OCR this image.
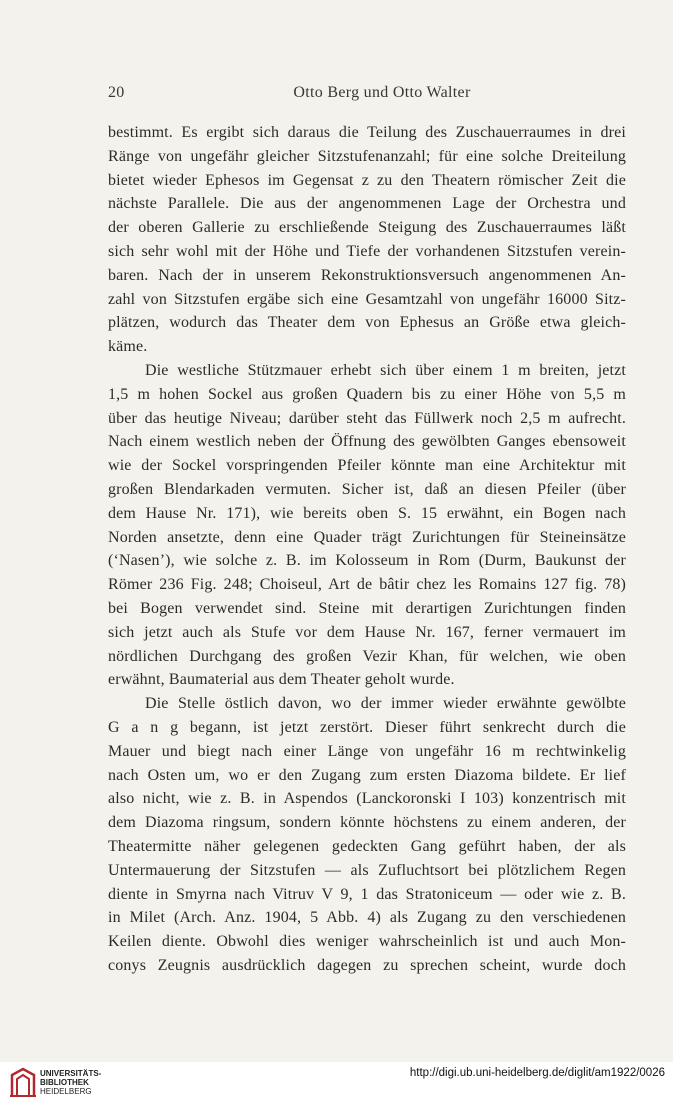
20	Otto Berg und Otto Walter
bestimmt. Es ergibt sich daraus die Teilung des Zuschauerraumes in drei
Ränge von ungefähr gleicher Sitzstufenanzahl; für eine solche Dreiteilung
bietet wieder Ephesos im Gegensat z zu den Theatern römischer Zeit die
nächste Parallele. Die aus der angenommenen Lage der Orchestra und
der oberen Gallerie zu erschließende Steigung des Zuschauerraumes läßt
sich sehr wohl mit der Höhe und Tiefe der vorhandenen Sitzstufen verein-
baren. Nach der in unserem Rekonstruktionsversuch angenommenen An-
zahl von Sitzstufen ergäbe sich eine Gesamtzahl von ungefähr 16000 Sitz-
plätzen, wodurch das Theater dem von Ephesus an Größe etwa gleich-
käme.
Die westliche Stützmauer erhebt sich über einem 1 m breiten, jetzt
1,5 m hohen Sockel aus großen Quadern bis zu einer Höhe von 5,5 m
über das heutige Niveau; darüber steht das Füllwerk noch 2,5 m aufrecht.
Nach einem westlich neben der Öffnung des gewölbten Ganges ebensoweit
wie der Sockel vorspringenden Pfeiler könnte man eine Architektur mit
großen Blendarkaden vermuten. Sicher ist, daß an diesen Pfeiler (über
dem Hause Nr. 171), wie bereits oben S. 15 erwähnt, ein Bogen nach
Norden ansetzte, denn eine Quader trägt Zurichtungen für Steineinsätze
(‘Nasen’), wie solche z. B. im Kolosseum in Rom (Durm, Baukunst der
Römer 236 Fig. 248; Choiseul, Art de bâtir chez les Romains 127 fig. 78)
bei Bogen verwendet sind. Steine mit derartigen Zurichtungen finden
sich jetzt auch als Stufe vor dem Hause Nr. 167, ferner vermauert im
nördlichen Durchgang des großen Vezir Khan, für welchen, wie oben
erwähnt, Baumaterial aus dem Theater geholt wurde.
Die Stelle östlich davon, wo der immer wieder erwähnte gewölbte
G a n g begann, ist jetzt zerstört. Dieser führt senkrecht durch die
Mauer und biegt nach einer Länge von ungefähr 16 m rechtwinkelig
nach Osten um, wo er den Zugang zum ersten Diazoma bildete. Er lief
also nicht, wie z. B. in Aspendos (Lanckoronski I 103) konzentrisch mit
dem Diazoma ringsum, sondern könnte höchstens zu einem anderen, der
Theatermitte näher gelegenen gedeckten Gang geführt haben, der als
Untermauerung der Sitzstufen — als Zufluchtsort bei plötzlichem Regen
diente in Smyrna nach Vitruv V 9, 1 das Stratoniceum — oder wie z. B.
in Milet (Arch. Anz. 1904, 5 Abb. 4) als Zugang zu den verschiedenen
Keilen diente. Obwohl dies weniger wahrscheinlich ist und auch Mon-
conys Zeugnis ausdrücklich dagegen zu sprechen scheint, wurde doch
UNIVERSITÄTS-
BIBLIOTHEK
HEIDELBERG
http://digi.ub.uni-heidelberg.de/diglit/am1922/0026
